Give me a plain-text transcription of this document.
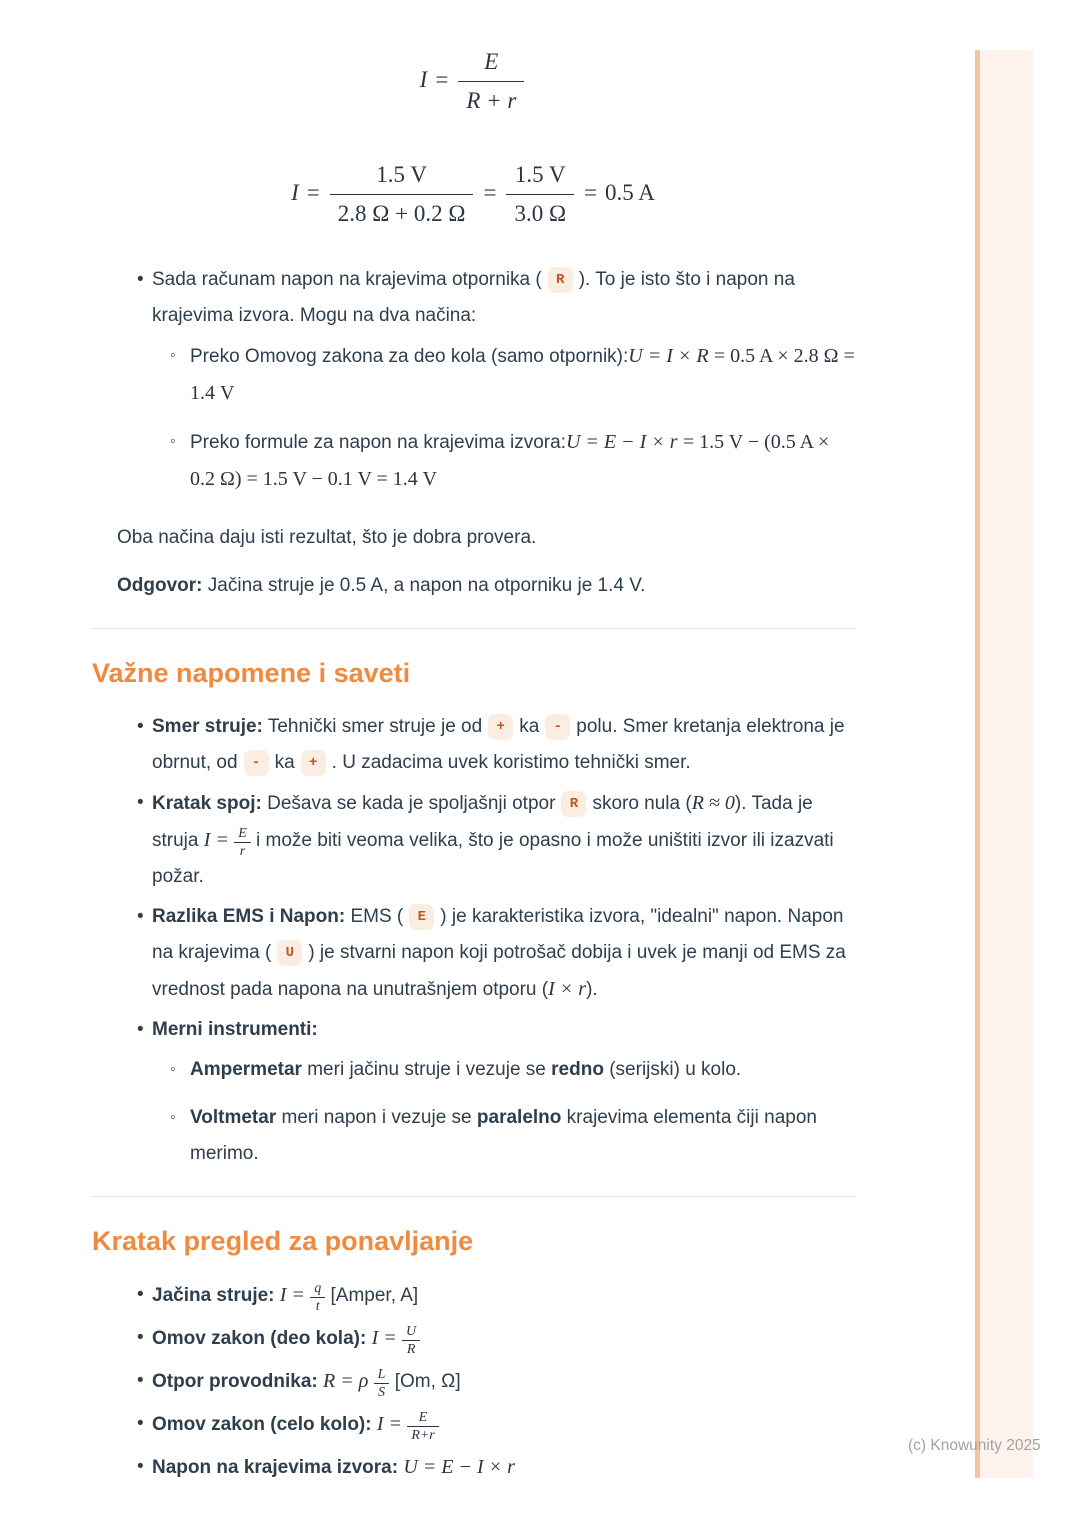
$I = \frac{E}{R + r}$
$I = \frac{1.5 V}{2.8 \Omega + 0.2 \Omega} = \frac{1.5 V}{3.0 \Omega} = 0.5$ A
• Sada računam napon na krajevima otpornika ( R ). To je isto što i napon na krajevima izvora. Mogu na dva načina:
◦ Preko Omovog zakona za deo kola (samo otpornik):U = I × R = 0.5 A × 2.8 Ω = 1.4 V
◦ Preko formule za napon na krajevima izvora:U = E − I × r = 1.5 V − (0.5 A × 0.2 Ω) = 1.5 V − 0.1 V = 1.4 V

Oba načina daju isti rezultat, što je dobra provera.

Odgovor: Jačina struje je 0.5 A, a napon na otporniku je 1.4 V.

Važne napomene i saveti
• Smer struje: Tehnički smer struje je od + ka - polu. Smer kretanja elektrona je obrnut, od - ka + . U zadacima uvek koristimo tehnički smer.
• Kratak spoj: Dešava se kada je spoljašnji otpor R skoro nula (R ≈ 0). Tada je struja $I = \frac{E}{r}$ i može biti veoma velika, što je opasno i može uništiti izvor ili izazvati požar.
• Razlika EMS i Napon: EMS ( E ) je karakteristika izvora, "idealni" napon. Napon na krajevima ( U ) je stvarni napon koji potrošač dobija i uvek je manji od EMS za vrednost pada napona na unutrašnjem otporu (I × r).
• Merni instrumenti:
◦ Ampermetar meri jačinu struje i vezuje se redno (serijski) u kolo.
◦ Voltmetar meri napon i vezuje se paralelno krajevima elementa čiji napon merimo.
Kratak pregled za ponavljanje
• Jačina struje: $I = \frac{q}{t}$ [Amper, A]
• Omov zakon (deo kola): $I = \frac{U}{R}$
• Otpor provodnika: R = ρ $\frac{L}{S} [Om$, Ω]
• Omov zakon (celo kolo): $I = \frac{E}{R+r}$
• Napon na krajevima izvora: U = E − I × r
(c) Knowunity 2025
